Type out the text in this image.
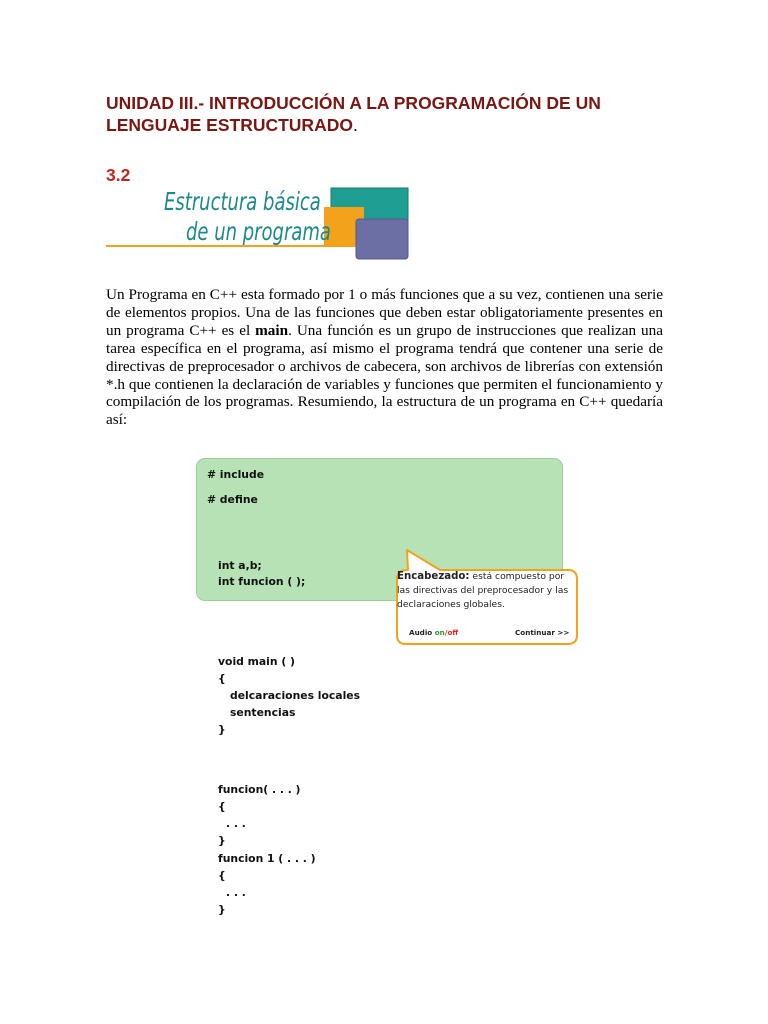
UNIDAD III.- INTRODUCCIÓN A LA PROGRAMACIÓN DE UN LENGUAJE ESTRUCTURADO.
3.2
Estructura básica
de un programa

Un Programa en C++ esta formado por 1 o más funciones que a su vez, contienen una serie de elementos propios. Una de las funciones que deben estar obligatoriamente presentes en un programa C++ es el main. Una función es un grupo de instrucciones que realizan una tarea específica en el programa, así mismo el programa tendrá que contener una serie de directivas de preprocesador o archivos de cabecera, son archivos de librerías con extensión *.h que contienen la declaración de variables y funciones que permiten el funcionamiento y compilación de los programas. Resumiendo, la estructura de un programa en C++ quedaría así:

# include
# define
int a,b;
int funcion ( );	Encabezado: está compuesto por
las directivas del preprocesador y las
declaraciones globales.
Audio on/off	Continuar >>
void main ( )
{
delcaraciones locales
sentencias
}
funcion( . . . )
{
. . .
}
funcion 1 ( . . . )
{
. . .
}
